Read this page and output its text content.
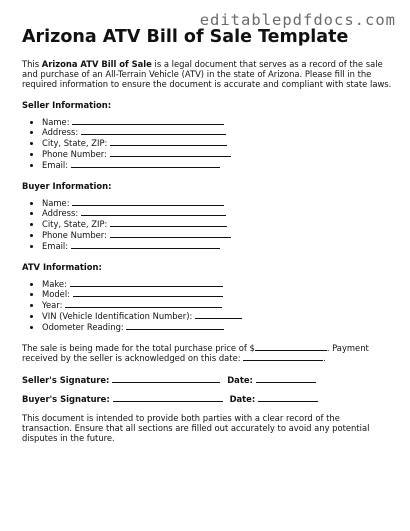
editablepdfdocs.com
Arizona ATV Bill of Sale Template

This Arizona ATV Bill of Sale is a legal document that serves as a record of the sale and purchase of an All-Terrain Vehicle (ATV) in the state of Arizona. Please fill in the required information to ensure the document is accurate and compliant with state laws.

Seller Information:
• Name:
• Address:
• City, State, ZIP:
• Phone Number:
• Email:
Buyer Information:
• Name:
• Address:
• City, State, ZIP:
• Phone Number:
• Email:
ATV Information:
• Make:
• Model:
• Year:
• VIN (Vehicle Identification Number):
• Odometer Reading:

The sale is being made for the total purchase price of $	. Payment received by the seller is acknowledged on this date:	.

Seller's Signature:	Date:
Buyer's Signature:	Date:

This document is intended to provide both parties with a clear record of the transaction. Ensure that all sections are filled out accurately to avoid any potential disputes in the future.
